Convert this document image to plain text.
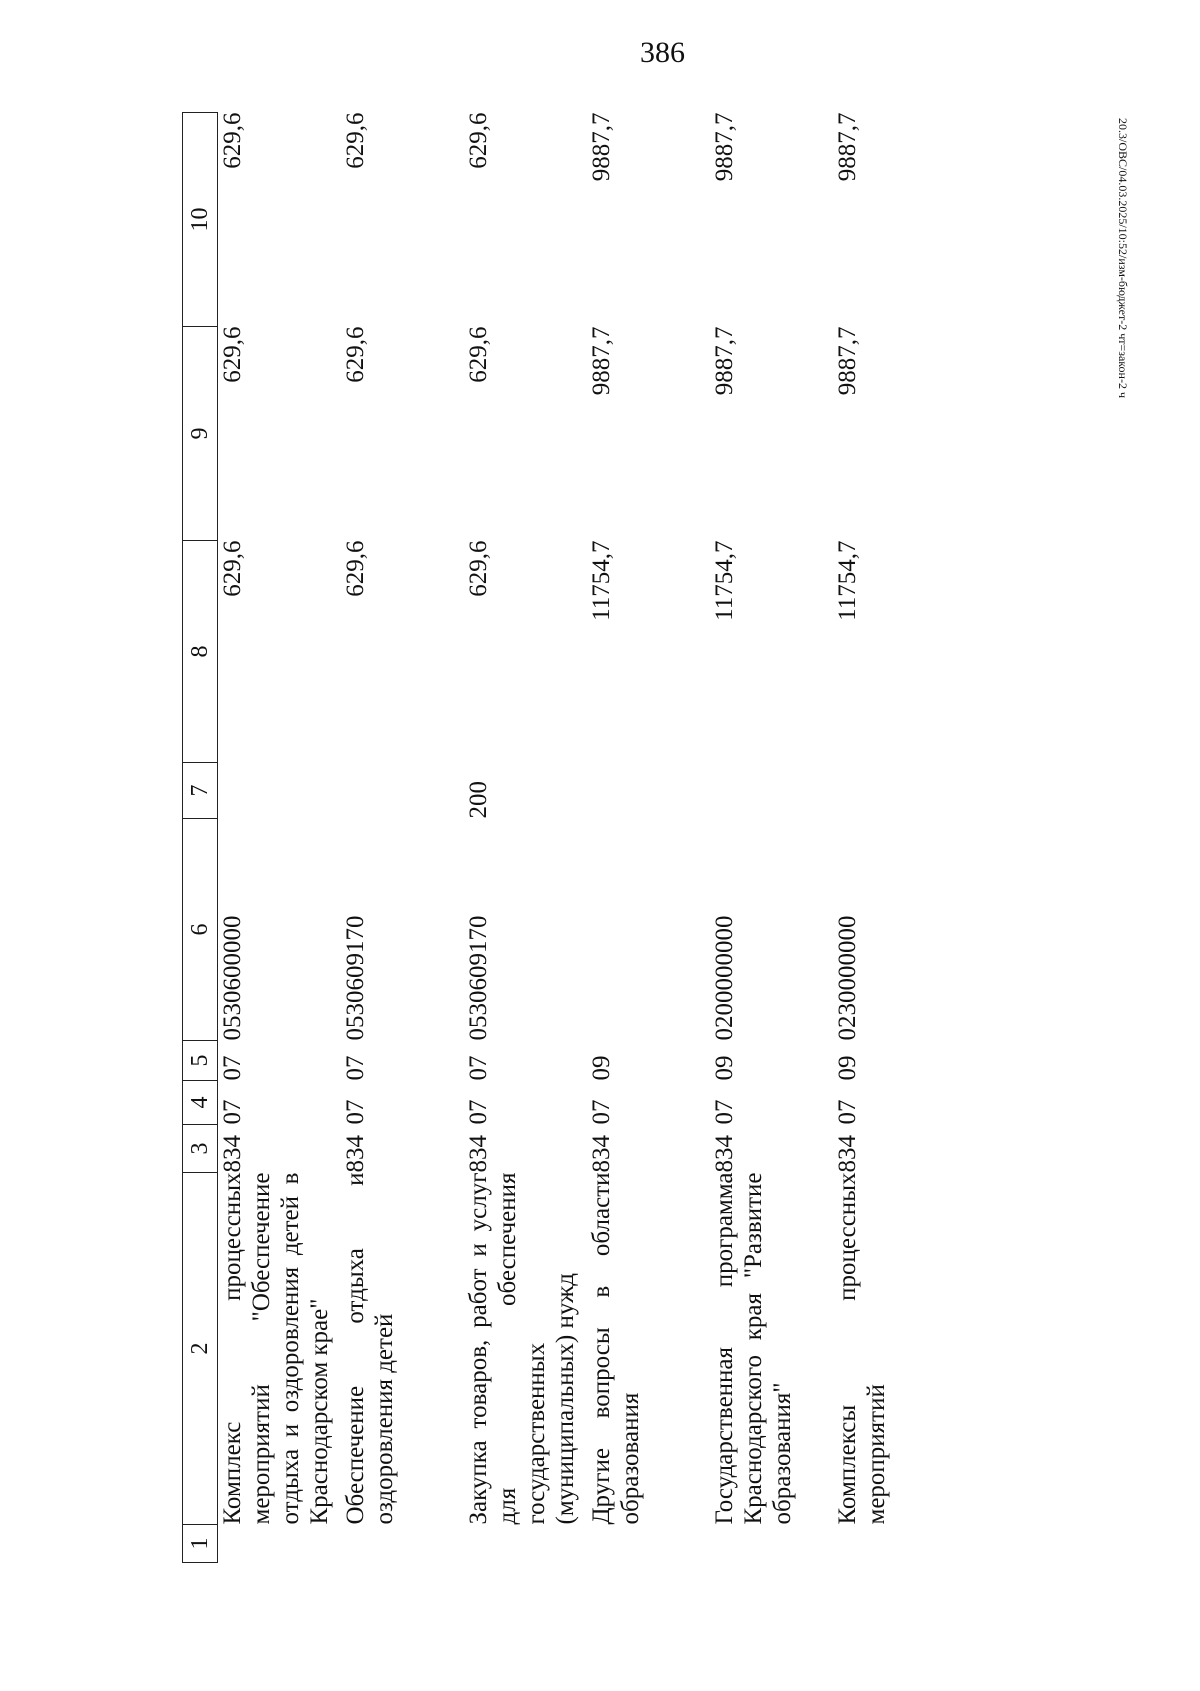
386
20.3/ОВС/04.03.2025/10:52/изм-бюджет-2 чт=закон-2 ч
1	2	3	4	5	6	7	8	9	10
	Комплекс процессных мероприятий "Обеспечение отдыха и оздоровления детей в Краснодарском крае"	834	07	07	0530600000		629,6	629,6	629,6
	Обеспечение отдыха и оздоровления детей	834	07	07	0530609170		629,6	629,6	629,6
	Закупка товаров, работ и услуг для обеспечения государственных (муниципальных) нужд	834	07	07	0530609170	200	629,6	629,6	629,6
	Другие вопросы в области образования	834	07	09			11754,7	9887,7	9887,7
	Государственная программа Краснодарского края "Развитие образования"	834	07	09	0200000000		11754,7	9887,7	9887,7
	Комплексы процессных мероприятий	834	07	09	0230000000		11754,7	9887,7	9887,7
